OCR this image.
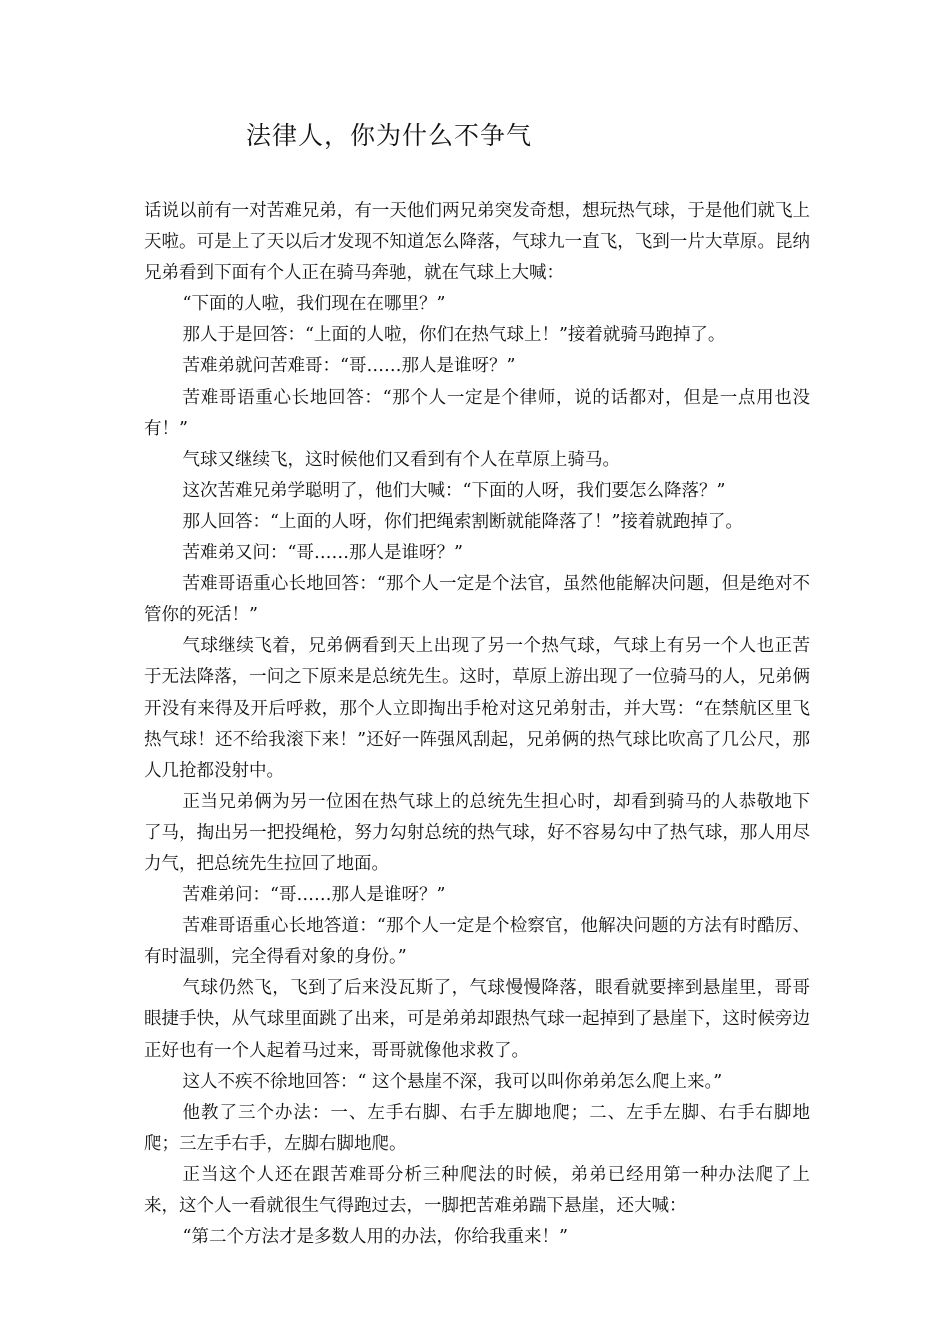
法律人，你为什么不争气

话说以前有一对苦难兄弟，有一天他们两兄弟突发奇想，想玩热气球，于是他们就飞上天啦。可是上了天以后才发现不知道怎么降落，气球九一直飞，飞到一片大草原。昆纳兄弟看到下面有个人正在骑马奔驰，就在气球上大喊：

“下面的人啦，我们现在在哪里？”

那人于是回答：“上面的人啦，你们在热气球上！”接着就骑马跑掉了。

苦难弟就问苦难哥：“哥……那人是谁呀？”

苦难哥语重心长地回答：“那个人一定是个律师，说的话都对，但是一点用也没有！”

气球又继续飞，这时候他们又看到有个人在草原上骑马。

这次苦难兄弟学聪明了，他们大喊：“下面的人呀，我们要怎么降落？”

那人回答：“上面的人呀，你们把绳索割断就能降落了！”接着就跑掉了。

苦难弟又问：“哥……那人是谁呀？”

苦难哥语重心长地回答：“那个人一定是个法官，虽然他能解决问题，但是绝对不管你的死活！”

气球继续飞着，兄弟俩看到天上出现了另一个热气球，气球上有另一个人也正苦于无法降落，一问之下原来是总统先生。这时，草原上游出现了一位骑马的人，兄弟俩开没有来得及开后呼救，那个人立即掏出手枪对这兄弟射击，并大骂：“在禁航区里飞热气球！还不给我滚下来！”还好一阵强风刮起，兄弟俩的热气球比吹高了几公尺，那人几抢都没射中。

正当兄弟俩为另一位困在热气球上的总统先生担心时，却看到骑马的人恭敬地下了马，掏出另一把投绳枪，努力勾射总统的热气球，好不容易勾中了热气球，那人用尽力气，把总统先生拉回了地面。

苦难弟问：“哥……那人是谁呀？”

苦难哥语重心长地答道：“那个人一定是个检察官，他解决问题的方法有时酷厉、有时温驯，完全得看对象的身份。”

气球仍然飞，飞到了后来没瓦斯了，气球慢慢降落，眼看就要摔到悬崖里，哥哥眼捷手快，从气球里面跳了出来，可是弟弟却跟热气球一起掉到了悬崖下，这时候旁边正好也有一个人起着马过来，哥哥就像他求救了。

这人不疾不徐地回答：“ 这个悬崖不深，我可以叫你弟弟怎么爬上来。”

他教了三个办法：一、左手右脚、右手左脚地爬；二、左手左脚、右手右脚地爬；三左手右手，左脚右脚地爬。

正当这个人还在跟苦难哥分析三种爬法的时候，弟弟已经用第一种办法爬了上来，这个人一看就很生气得跑过去，一脚把苦难弟踹下悬崖，还大喊：

“第二个方法才是多数人用的办法，你给我重来！”
